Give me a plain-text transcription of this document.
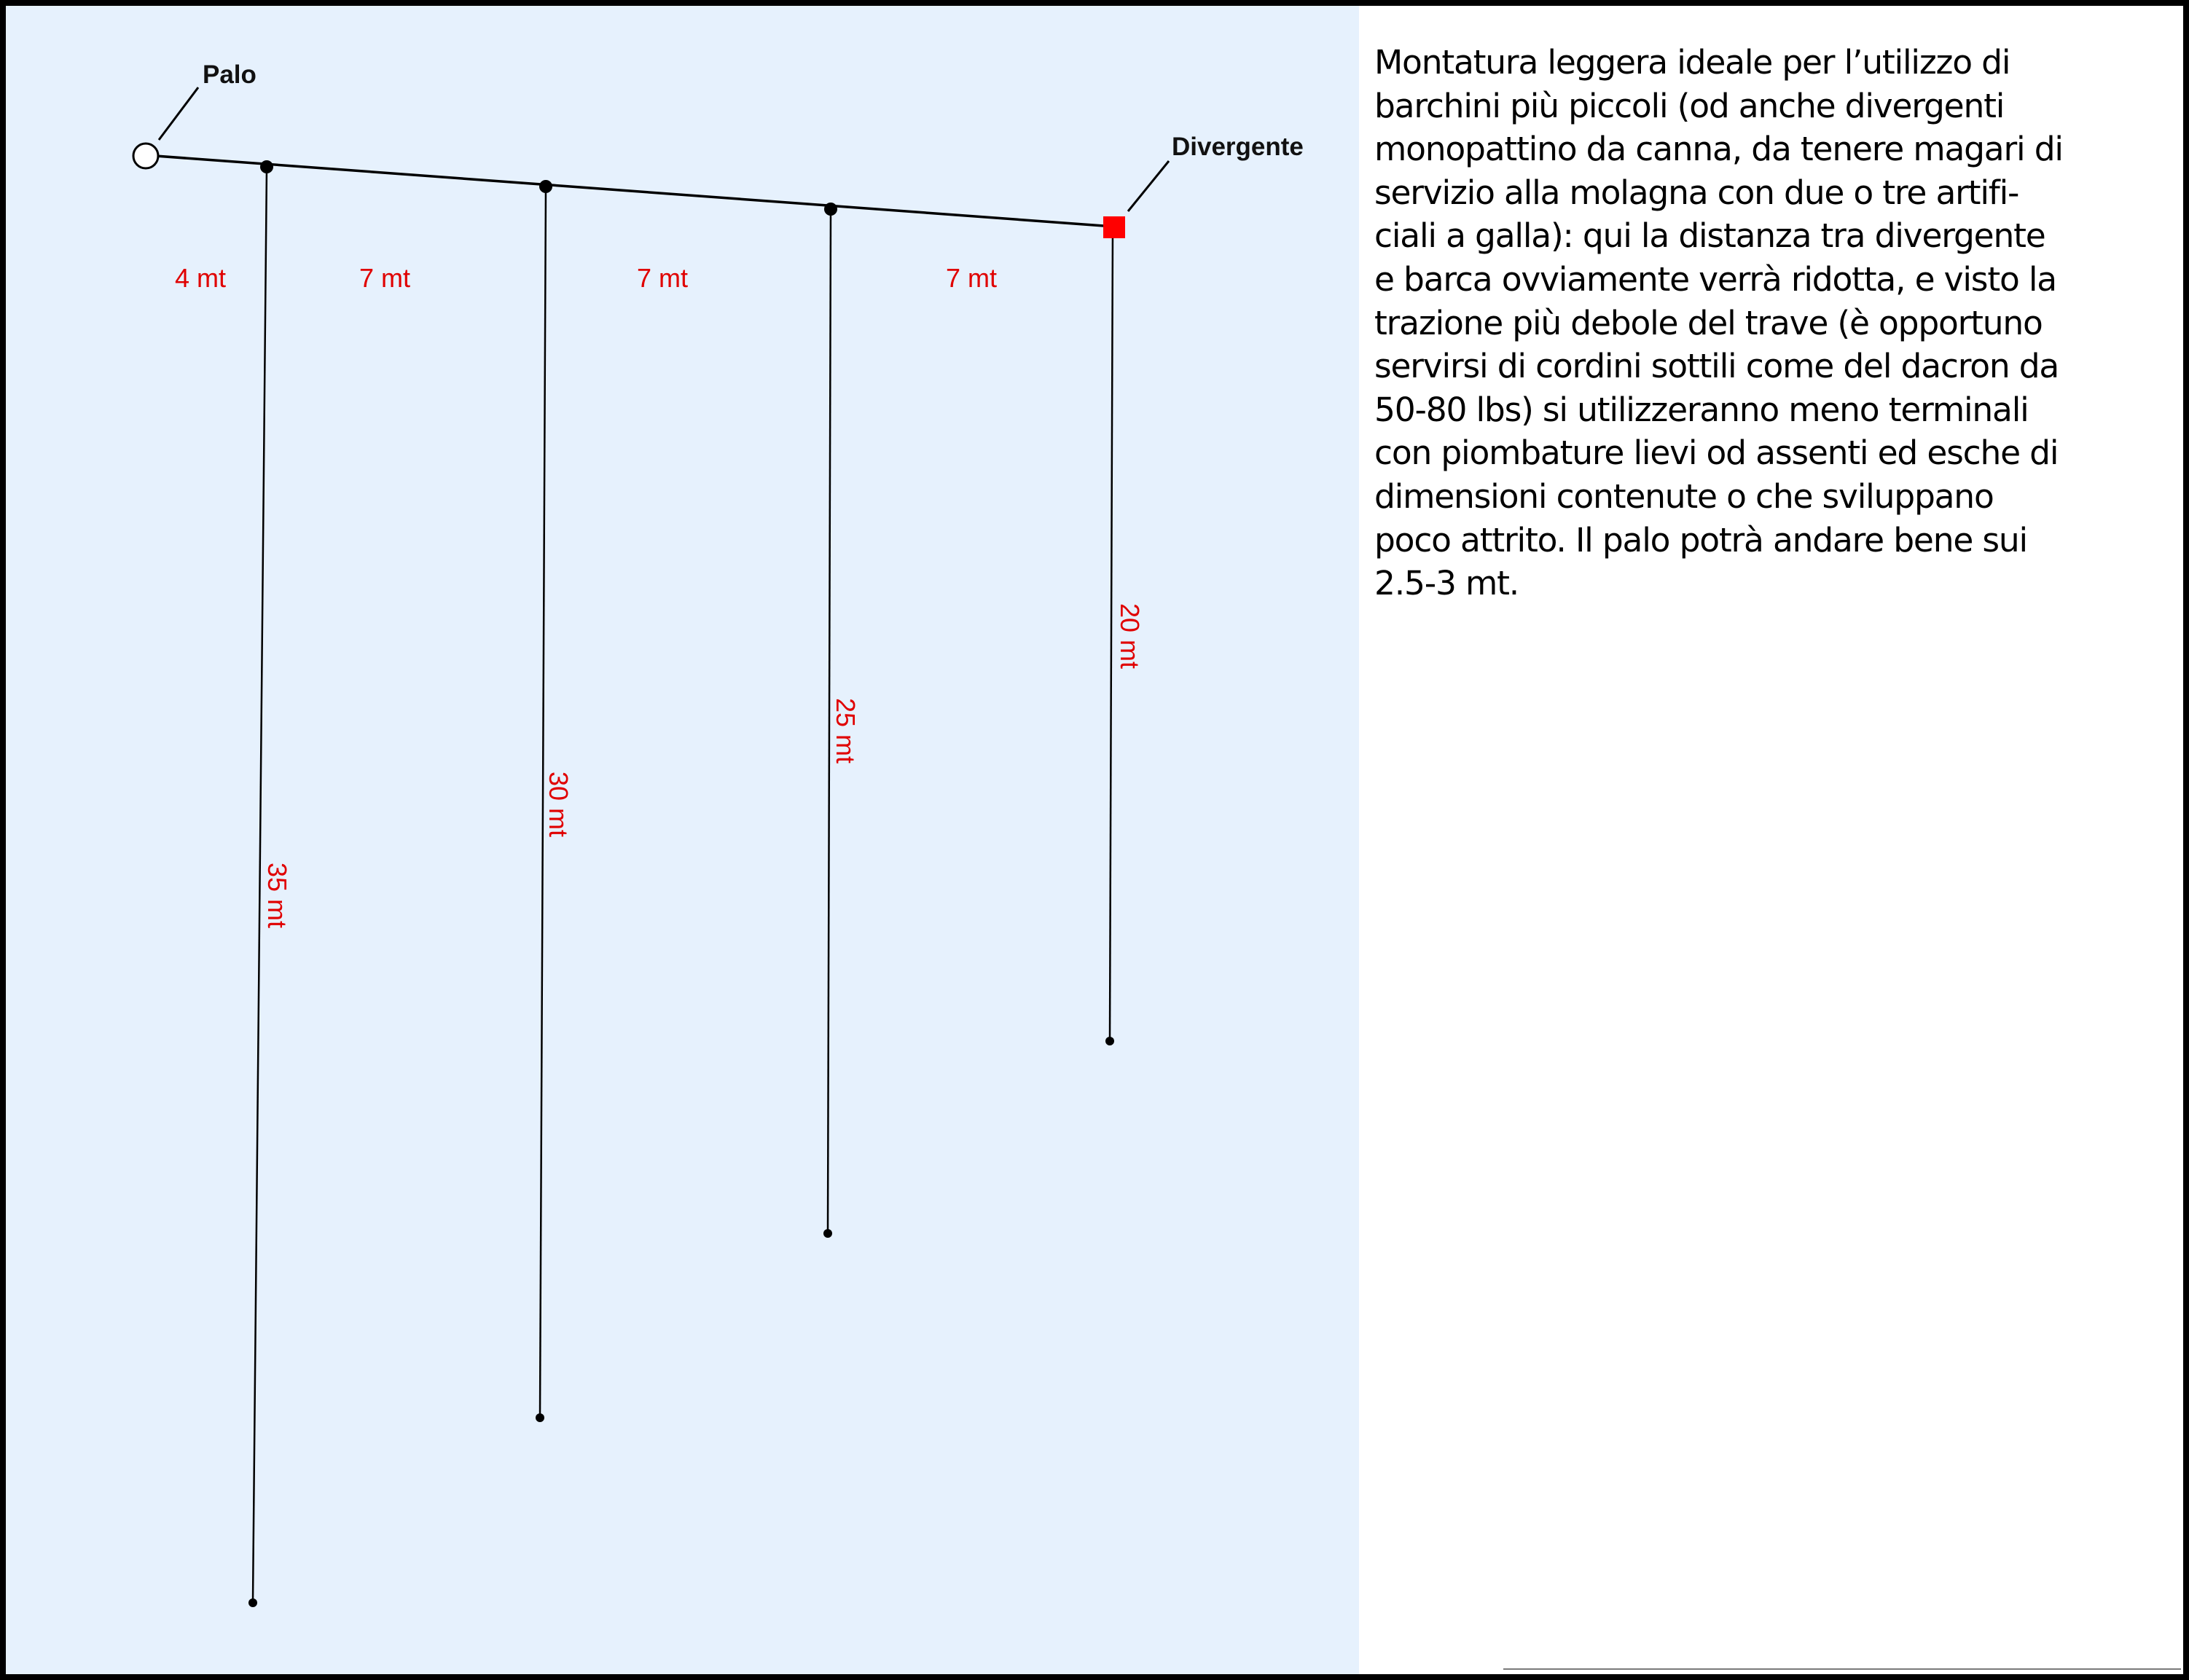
Palo
Divergente
4 mt	7 mt	7 mt	7 mt
35 mt
30 mt
25 mt
20 mt

Montatura leggera ideale per l’utilizzo di
barchini più piccoli (od anche divergenti
monopattino da canna, da tenere magari di
servizio alla molagna con due o tre artifi-
ciali a galla): qui la distanza tra divergente
e barca ovviamente verrà ridotta, e visto la
trazione più debole del trave (è opportuno
servirsi di cordini sottili come del dacron da
50-80 lbs) si utilizzeranno meno terminali
con piombature lievi od assenti ed esche di
dimensioni contenute o che sviluppano
poco attrito. Il palo potrà andare bene sui
2.5-3 mt.
